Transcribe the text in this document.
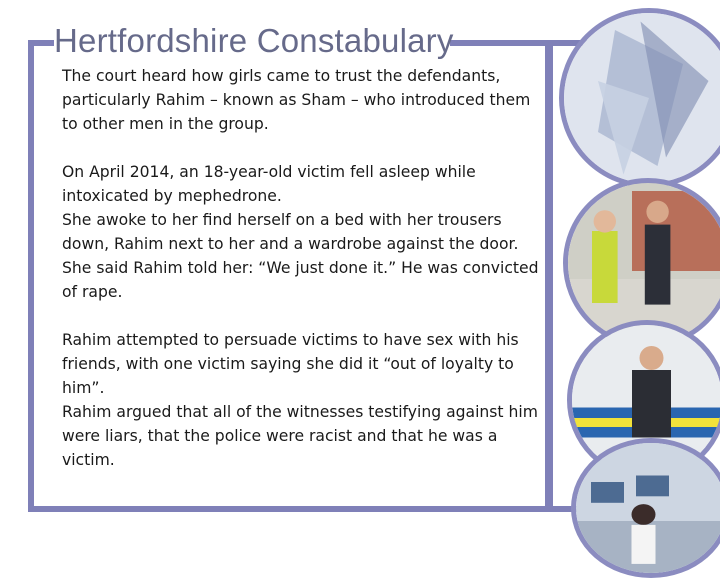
Hertfordshire Constabulary

The court heard how girls came to trust the defendants, particularly Rahim – known as Sham – who introduced them to other men in the group.

On April 2014, an 18-year-old victim fell asleep while intoxicated by mephedrone.

She awoke to her find herself on a bed with her trousers down, Rahim next to her and a wardrobe against the door. She said Rahim told her: “We just done it.” He was convicted of rape.

Rahim attempted to persuade victims to have sex with his friends, with one victim saying she did it “out of loyalty to him”.

Rahim argued that all of the witnesses testifying against him were liars, that the police were racist and that he was a victim.
